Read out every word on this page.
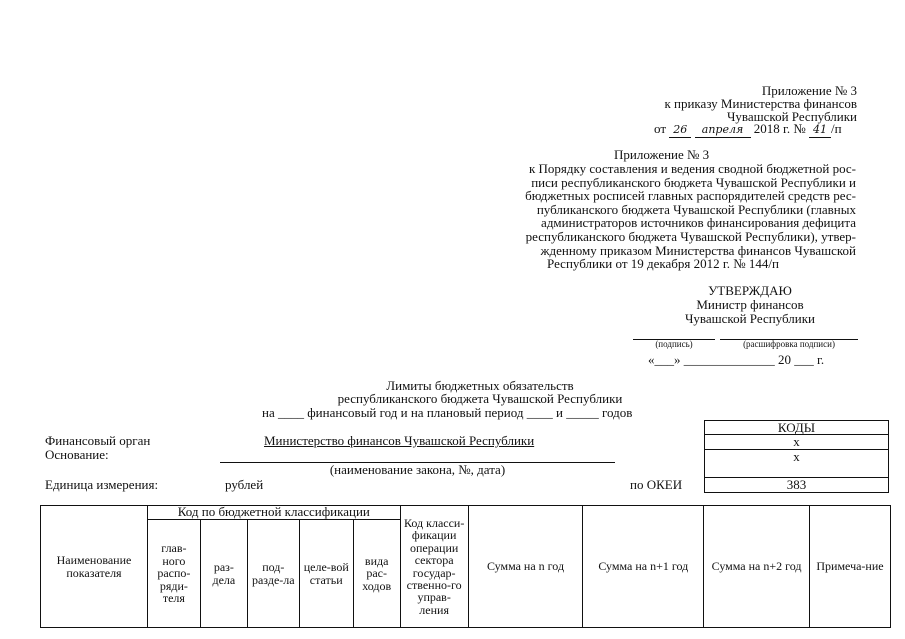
Приложение № 3
к приказу Министерства финансов
Чувашской Республики
от 26 апреля 2018 г. № 41 /п
Приложение № 3
к Порядку составления и ведения сводной бюджетной рос-
писи республиканского бюджета Чувашской Республики и
бюджетных росписей главных распорядителей средств рес-
публиканского бюджета Чувашской Республики (главных
администраторов источников финансирования дефицита
республиканского бюджета Чувашской Республики), утвер-
жденному приказом Министерства финансов Чувашской
Республики от 19 декабря 2012 г. № 144/п
УТВЕРЖДАЮ
Министр финансов
Чувашской Республики
(подпись)	(расшифровка подписи)
«___» ______________ 20 ___ г.
Лимиты бюджетных обязательств
республиканского бюджета Чувашской Республики
на ____ финансовый год и на плановый период ____ и _____ годов
Финансовый орган	Министерство финансов Чувашской Республики
Основание:
(наименование закона, №, дата)
Единица измерения:	рублей	по ОКЕИ
КОДЫ
х
х
383
Наименование показателя	Код по бюджетной классификации					Код класси-фикации операции сектора государ-ственно-го управ-ления	Сумма на n год	Сумма на n+1 год	Сумма на n+2 год	Примеча-ние
	глав-ного распо-ряди-теля	раз-дела	под-разде-ла	целе-вой статьи	вида рас-ходов					
